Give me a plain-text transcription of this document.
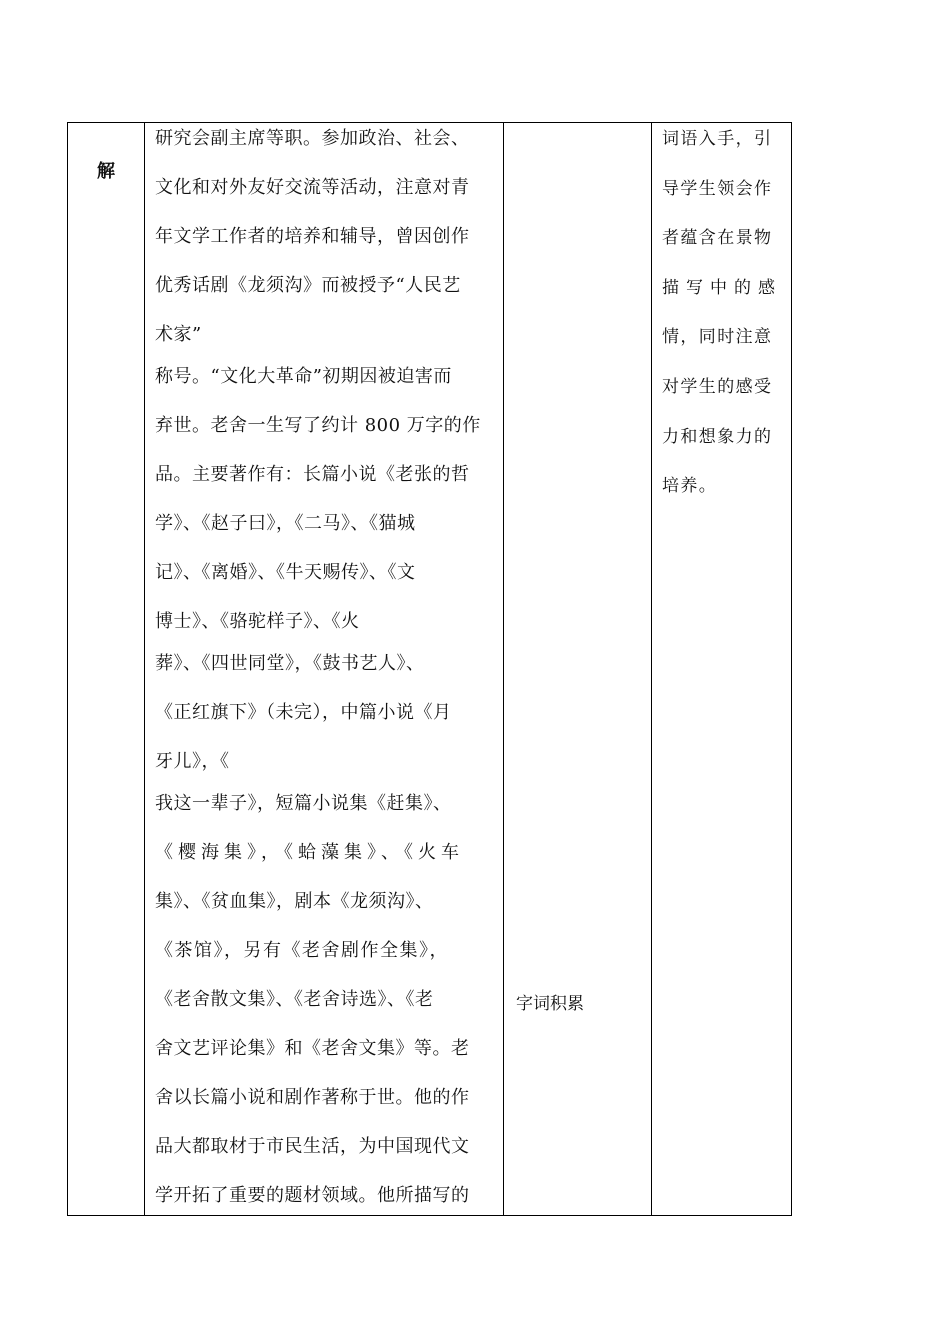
解
研究会副主席等职。参加政治、社会、
文化和对外友好交流等活动，注意对青
年文学工作者的培养和辅导，曾因创作
优秀话剧《龙须沟》而被授予“人民艺
术家”
称号。“文化大革命”初期因被迫害而
弃世。老舍一生写了约计 800 万字的作
品。主要著作有：长篇小说《老张的哲
学》、《赵子曰》，《二马》、《猫城
记》、《离婚》、《牛天赐传》、《文
博士》、《骆驼样子》、《火
葬》、《四世同堂》，《鼓书艺人》、
《正红旗下》（未完），中篇小说《月
牙儿》，《
我这一辈子》，短篇小说集《赶集》、
《樱海集》，《蛤藻集》、《火车
集》、《贫血集》，剧本《龙须沟》、
《茶馆》，另有《老舍剧作全集》，
《老舍散文集》、《老舍诗选》、《老
舍文艺评论集》和《老舍文集》等。老
舍以长篇小说和剧作著称于世。他的作
品大都取材于市民生活，为中国现代文
学开拓了重要的题材领域。他所描写的
字词积累
词语入手，引
导学生领会作
者蕴含在景物
描写中的感
情，同时注意
对学生的感受
力和想象力的
培养。
